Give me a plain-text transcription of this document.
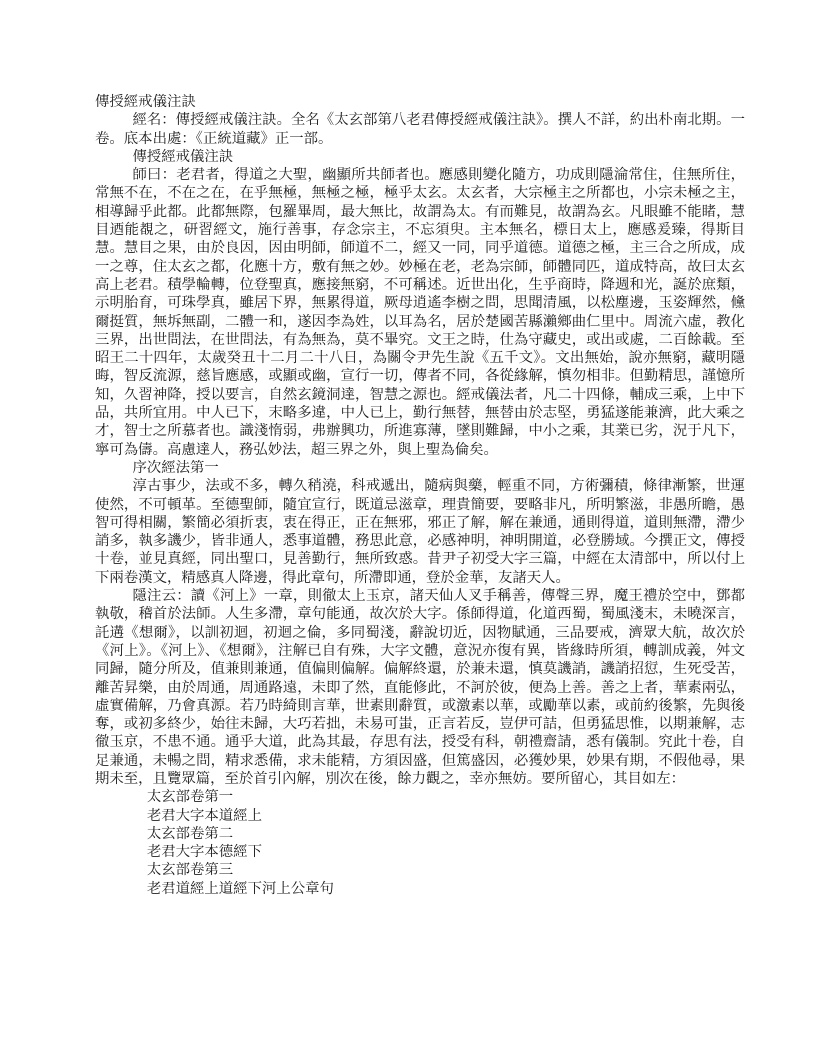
傳授經戒儀注訣

經名：傳授經戒儀注訣。全名《太玄部第八老君傳授經戒儀注訣》。撰人不詳，約出朴南北期。一卷。底本出處：《正統道藏》正一部。

傳授經戒儀注訣

師曰：老君者，得道之大聖，幽顯所共師者也。應感則變化隨方，功成則隱淪常住，住無所住，常無不在，不在之在，在乎無極，無極之極，極乎太玄。太玄者，大宗極主之所都也，小宗未極之主，相導歸乎此都。此都無際，包羅畢周，最大無比，故謂為太。有而難見，故謂為玄。凡眼雖不能睹，慧目迺能覩之，研習經文，施行善事，存念宗主，不忘須臾。主本無名，標日太上，應感爰臻，得斯目慧。慧目之果，由於良因，因由明師，師道不二，經又一同，同乎道德。道德之極，主三合之所成，成一之尊，住太玄之都，化應十方，敷有無之妙。妙極在老，老為宗師，師體同匹，道成特高，故曰太玄高上老君。積學輪轉，位登聖真，應接無窮，不可稱述。近世出化，生乎商時，降週和光，誕於庶類，示明胎育，可珠學真，雖居下界，無累得道，厥母逍遙李樹之問，思聞清風，以松塵邊，玉姿輝然，儵爾挺質，無坼無副，二體一和，遂因李為姓，以耳為名，居於楚國苦縣瀨鄉曲仁里中。周流六虛，教化三界，出世問法，在世問法，有為無為，莫不畢究。文王之時，仕為守藏史，或出或處，二百餘載。至昭王二十四年，太歲癸丑十二月二十八日，為關令尹先生說《五千文》。文出無始，說亦無窮，藏明隱晦，智反流源，慈旨應感，或顯或幽，宣行一切，傳者不同，各從緣解，慎勿相非。但勤精思，謹憶所知，久習神降，授以要言，自然玄鏡洞達，智慧之源也。經戒儀法者，凡二十四條，輔成三乘，上中下品，共所宜用。中人已下，末略多違，中人已上，勤行無替，無替由於志堅，勇猛遂能兼濟，此大乘之才，智士之所慕者也。識淺惰弱，弗辦興功，所進寡薄，墜則難歸，中小之乘，其業已劣，況于凡下，寧可為儔。高慮達人，務弘妙法，超三界之外，與上聖為倫矣。

序次經法第一

淳古事少，法或不多，轉久稍澆，科戒遞出，隨病與藥，輕重不同，方術彌積，條律漸繁，世運使然，不可頓革。至德聖師，隨宜宣行，既道忌滋章，理貴簡要，要略非凡，所明繁滋，非愚所瞻，愚智可得相關，繁簡必須折衷，衷在得正，正在無邪，邪正了解，解在兼通，通則得道，道則無滯，滯少誚多，執多譏少，皆非通人，悉事道體，務思此意，必感神明，神明開道，必登勝域。今撰正文，傳授十卷，並見真經，同出聖口，見善勤行，無所致惑。昔尹子初受大字三篇，中經在太清部中，所以付上下兩卷漢文，精感真人降邊，得此章句，所滯即通，登於金華，友諸天人。

隱注云：讀《河上》一章，則徹太上玉京，諸天仙人叉手稱善，傳聲三界，魔王禮於空中，鄧都執敬，稽首於法師。人生多滯，章句能通，故次於大字。係師得道，化道西蜀，蜀風淺末，未曉深言，託遘《想爾》，以訓初迴，初迴之倫，多同蜀淺，辭說切近，因物賦通，三品要戒，濟眾大航，故次於《河上》。《河上》、《想爾》，注解已自有殊，大字文體，意況亦復有異，皆緣時所須，轉訓成義，舛文同歸，隨分所及，值兼則兼通，值偏則偏解。偏解終還，於兼未還，慎莫譏誚，譏誚招愆，生死受苦，離苦昇樂，由於周通，周通路遠，未即了然，直能修此，不訶於彼，便為上善。善之上者，華素兩弘，虛實備解，乃會真源。若乃時綺則言華，世素則辭質，或激素以華，或勵華以素，或前約後繁，先與後奪，或初多終少，始往未歸，大巧若拙，未易可蚩，正言若反，豈伊可詰，但勇猛思惟，以期兼解，志徹玉京，不患不通。通乎大道，此為其最，存思有法，授受有科，朝禮齋請，悉有儀制。究此十卷，自足兼通，未暢之問，精求悉備，求未能精，方須因盛，但篤盛因，必獲妙果，妙果有期，不假他尋，果期未至，且覽眾篇，至於首引內解，別次在後，餘力觀之，幸亦無妨。要所留心，其目如左：

太玄部卷第一
老君大字本道經上
太玄部卷第二
老君大字本德經下
太玄部卷第三
老君道經上道經下河上公章句
